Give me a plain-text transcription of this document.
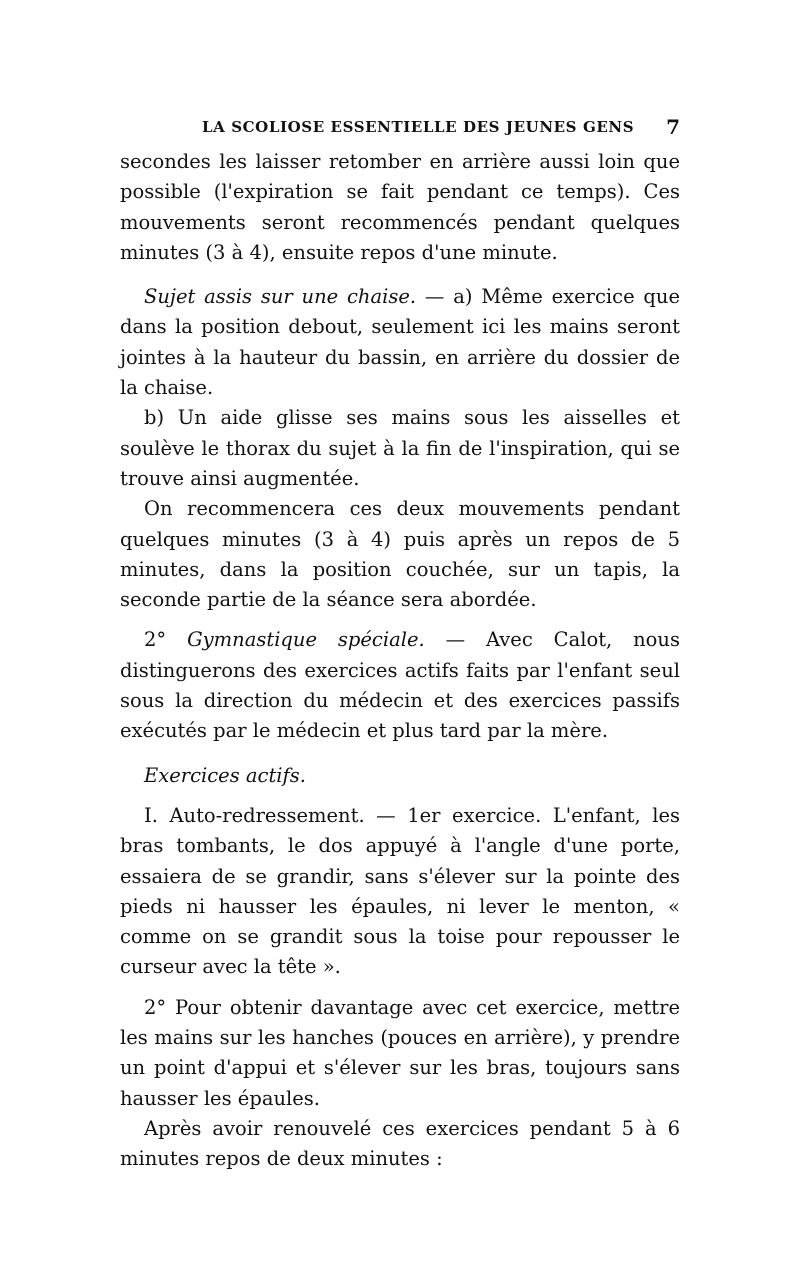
LA SCOLIOSE ESSENTIELLE DES JEUNES GENS 7

secondes les laisser retomber en arrière aussi loin que possible (l'expiration se fait pendant ce temps). Ces mouvements seront recommencés pendant quelques minutes (3 à 4), ensuite repos d'une minute.

Sujet assis sur une chaise. — a) Même exercice que dans la position debout, seulement ici les mains seront jointes à la hauteur du bassin, en arrière du dossier de la chaise.

b) Un aide glisse ses mains sous les aisselles et soulève le thorax du sujet à la fin de l'inspiration, qui se trouve ainsi augmentée.

On recommencera ces deux mouvements pendant quelques minutes (3 à 4) puis après un repos de 5 minutes, dans la position couchée, sur un tapis, la seconde partie de la séance sera abordée.

2° Gymnastique spéciale. — Avec Calot, nous distinguerons des exercices actifs faits par l'enfant seul sous la direction du médecin et des exercices passifs exécutés par le médecin et plus tard par la mère.

Exercices actifs.

I. Auto-redressement. — 1er exercice. L'enfant, les bras tombants, le dos appuyé à l'angle d'une porte, essaiera de se grandir, sans s'élever sur la pointe des pieds ni hausser les épaules, ni lever le menton, « comme on se grandit sous la toise pour repousser le curseur avec la tête ».

2° Pour obtenir davantage avec cet exercice, mettre les mains sur les hanches (pouces en arrière), y prendre un point d'appui et s'élever sur les bras, toujours sans hausser les épaules.

Après avoir renouvelé ces exercices pendant 5 à 6 minutes repos de deux minutes :
